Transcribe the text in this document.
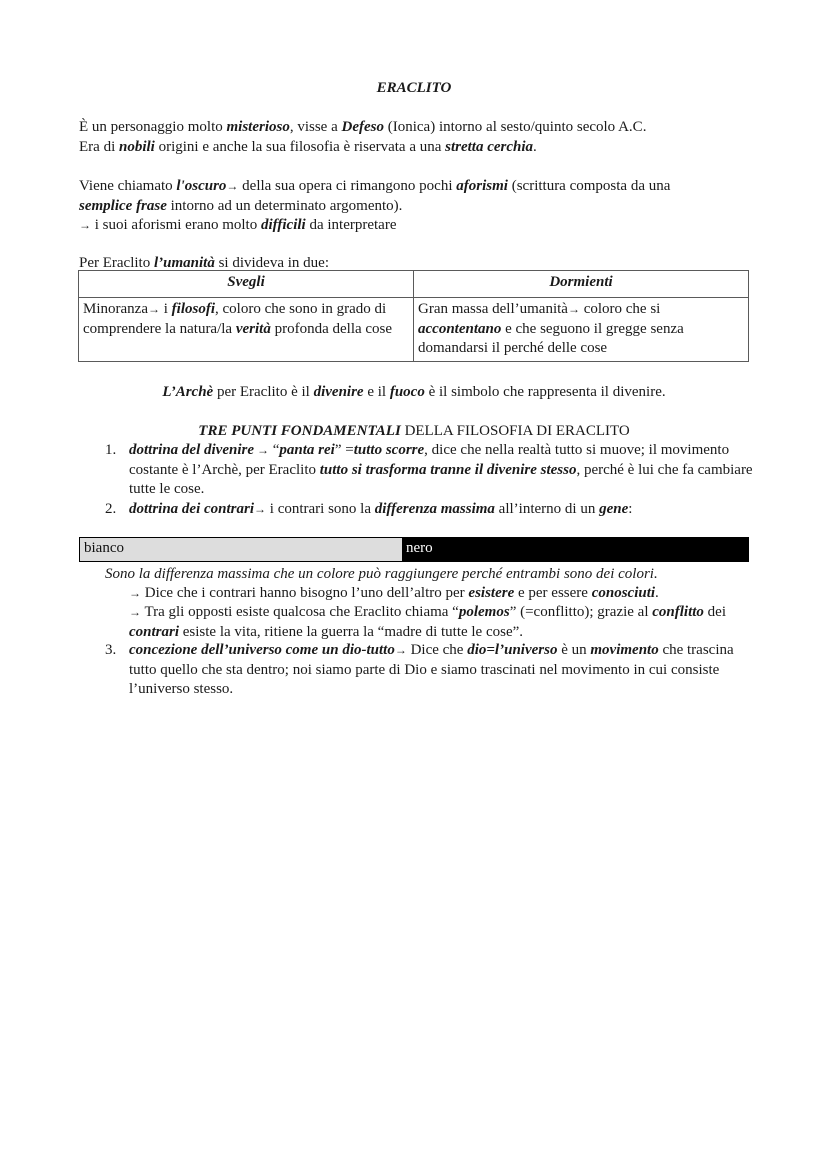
ERACLITO
È un personaggio molto misterioso, visse a Defeso (Ionica) intorno al sesto/quinto secolo A.C.
Era di nobili origini e anche la sua filosofia è riservata a una stretta cerchia.
Viene chiamato l'oscuro→ della sua opera ci rimangono pochi aforismi (scrittura composta da una
semplice frase intorno ad un determinato argomento).
→ i suoi aforismi erano molto difficili da interpretare
Per Eraclito l’umanità si divideva in due:
Svegli	Dormienti
Minoranza→ i filosofi, coloro che sono in grado di comprendere la natura/la verità profonda della cose	Gran massa dell’umanità→ coloro che si accontentano e che seguono il gregge senza domandarsi il perché delle cose
L’Archè per Eraclito è il divenire e il fuoco è il simbolo che rappresenta il divenire.
TRE PUNTI FONDAMENTALI DELLA FILOSOFIA DI ERACLITO
1. dottrina del divenire → “panta rei” =tutto scorre, dice che nella realtà tutto si muove; il movimento costante è l’Archè, per Eraclito tutto si trasforma tranne il divenire stesso, perché è lui che fa cambiare tutte le cose.
2. dottrina dei contrari→ i contrari sono la differenza massima all’interno di un gene:
bianco	nero
Sono la differenza massima che un colore può raggiungere perché entrambi sono dei colori.
→ Dice che i contrari hanno bisogno l’uno dell’altro per esistere e per essere conosciuti.
→ Tra gli opposti esiste qualcosa che Eraclito chiama “polemos” (=conflitto); grazie al conflitto dei contrari esiste la vita, ritiene la guerra la “madre di tutte le cose”.
3. concezione dell’universo come un dio-tutto→ Dice che dio=l’universo è un movimento che trascina tutto quello che sta dentro; noi siamo parte di Dio e siamo trascinati nel movimento in cui consiste l’universo stesso.
